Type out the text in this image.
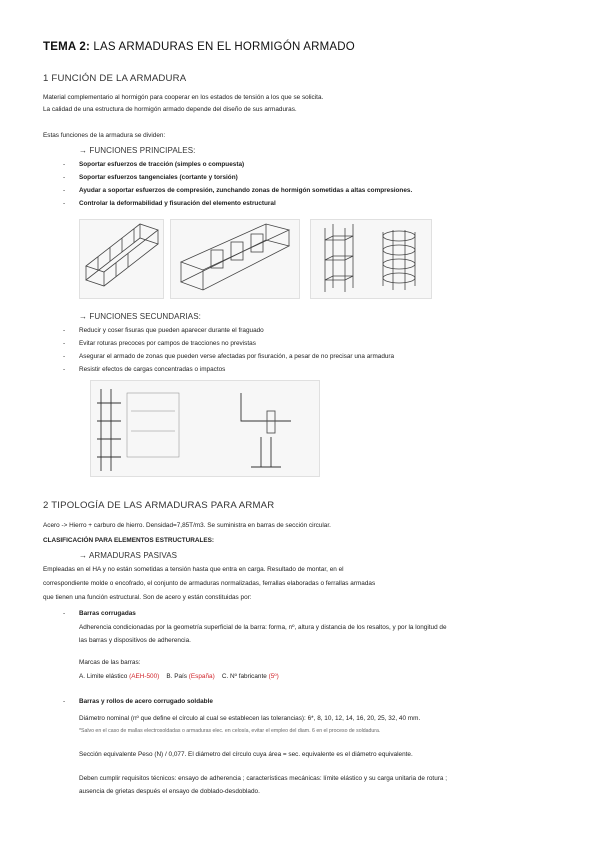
TEMA 2: LAS ARMADURAS EN EL HORMIGÓN ARMADO
1 FUNCIÓN DE LA ARMADURA
Material complementario al hormigón para cooperar en los estados de tensión a los que se solicita.
La calidad de una estructura de hormigón armado depende del diseño de sus armaduras.
Estas funciones de la armadura se dividen:
→ FUNCIONES PRINCIPALES:
- Soportar esfuerzos de tracción (simples o compuesta)
- Soportar esfuerzos tangenciales (cortante y torsión)
- Ayudar a soportar esfuerzos de compresión, zunchando zonas de hormigón sometidas a altas compresiones.
- Controlar la deformabilidad y fisuración del elemento estructural
→ FUNCIONES SECUNDARIAS:
- Reducir y coser fisuras que pueden aparecer durante el fraguado
- Evitar roturas precoces por campos de tracciones no previstas
- Asegurar el armado de zonas que pueden verse afectadas por fisuración, a pesar de no precisar una armadura
- Resistir efectos de cargas concentradas o impactos
2 TIPOLOGÍA DE LAS ARMADURAS PARA ARMAR
Acero -> Hierro + carburo de hierro. Densidad=7,85T/m3. Se suministra en barras de sección circular.
CLASIFICACIÓN PARA ELEMENTOS ESTRUCTURALES:
→ ARMADURAS PASIVAS
Empleadas en el HA y no están sometidas a tensión hasta que entra en carga. Resultado de montar, en el
correspondiente molde o encofrado, el conjunto de armaduras normalizadas, ferrallas elaboradas o ferrallas armadas
que tienen una función estructural. Son de acero y están constituidas por:
- Barras corrugadas
Adherencia condicionadas por la geometría superficial de la barra: forma, nº, altura y distancia de los resaltos, y por la longitud de
las barras y dispositivos de adherencia.
Marcas de las barras:
A. Limite elástico (AEH-500) B. País (España) C. Nº fabricante (5º)
- Barras y rollos de acero corrugado soldable
Diámetro nominal (nº que define el círculo al cual se establecen las tolerancias): 6*, 8, 10, 12, 14, 16, 20, 25, 32, 40 mm.
*Salvo en el caso de mallas electrosoldadas o armaduras elec. en celosía, evitar el empleo del diam. 6 en el proceso de soldadura.
Sección equivalente Peso (N) / 0,077. El diámetro del círculo cuya área = sec. equivalente es el diámetro equivalente.
Deben cumplir requisitos técnicos: ensayo de adherencia ; características mecánicas: límite elástico y su carga unitaria de rotura ;
ausencia de grietas después el ensayo de doblado-desdoblado.
